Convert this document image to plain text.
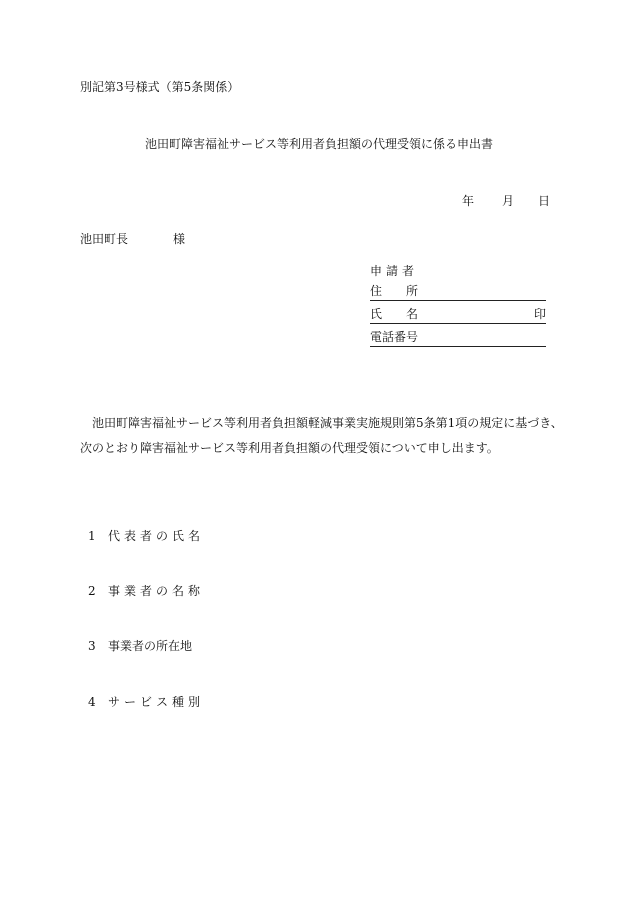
別記第3号様式（第5条関係）
池田町障害福祉サービス等利用者負担額の代理受領に係る申出書
年 月 日
池田町長	様
申請者
住　　所
氏　　名	印
電話番号

池田町障害福祉サービス等利用者負担額軽減事業実施規則第5条第1項の規定に基づき、

次のとおり障害福祉サービス等利用者負担額の代理受領について申し出ます。

1 代表者の氏名
2 事業者の名称
3 事業者の所在地
4 サービス種別
